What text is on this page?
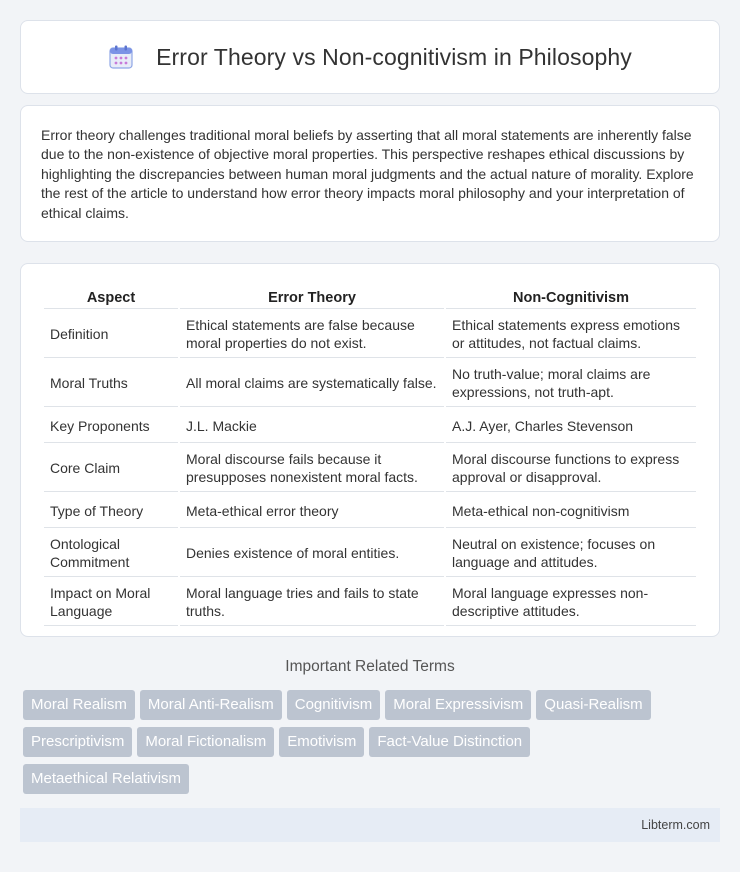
Error Theory vs Non-cognitivism in Philosophy

Error theory challenges traditional moral beliefs by asserting that all moral statements are inherently false due to the non-existence of objective moral properties. This perspective reshapes ethical discussions by highlighting the discrepancies between human moral judgments and the actual nature of morality. Explore the rest of the article to understand how error theory impacts moral philosophy and your interpretation of ethical claims.

Aspect	Error Theory	Non-Cognitivism
Definition	Ethical statements are false because moral properties do not exist.	Ethical statements express emotions or attitudes, not factual claims.
Moral Truths	All moral claims are systematically false.	No truth-value; moral claims are expressions, not truth-apt.
Key Proponents	J.L. Mackie	A.J. Ayer, Charles Stevenson
Core Claim	Moral discourse fails because it presupposes nonexistent moral facts.	Moral discourse functions to express approval or disapproval.
Type of Theory	Meta-ethical error theory	Meta-ethical non-cognitivism
Ontological Commitment	Denies existence of moral entities.	Neutral on existence; focuses on language and attitudes.
Impact on Moral Language	Moral language tries and fails to state truths.	Moral language expresses non-descriptive attitudes.
Important Related Terms
Moral Realism Moral Anti-Realism Cognitivism Moral Expressivism Quasi-Realism
Prescriptivism Moral Fictionalism Emotivism Fact-Value Distinction
Metaethical Relativism
Libterm.com
